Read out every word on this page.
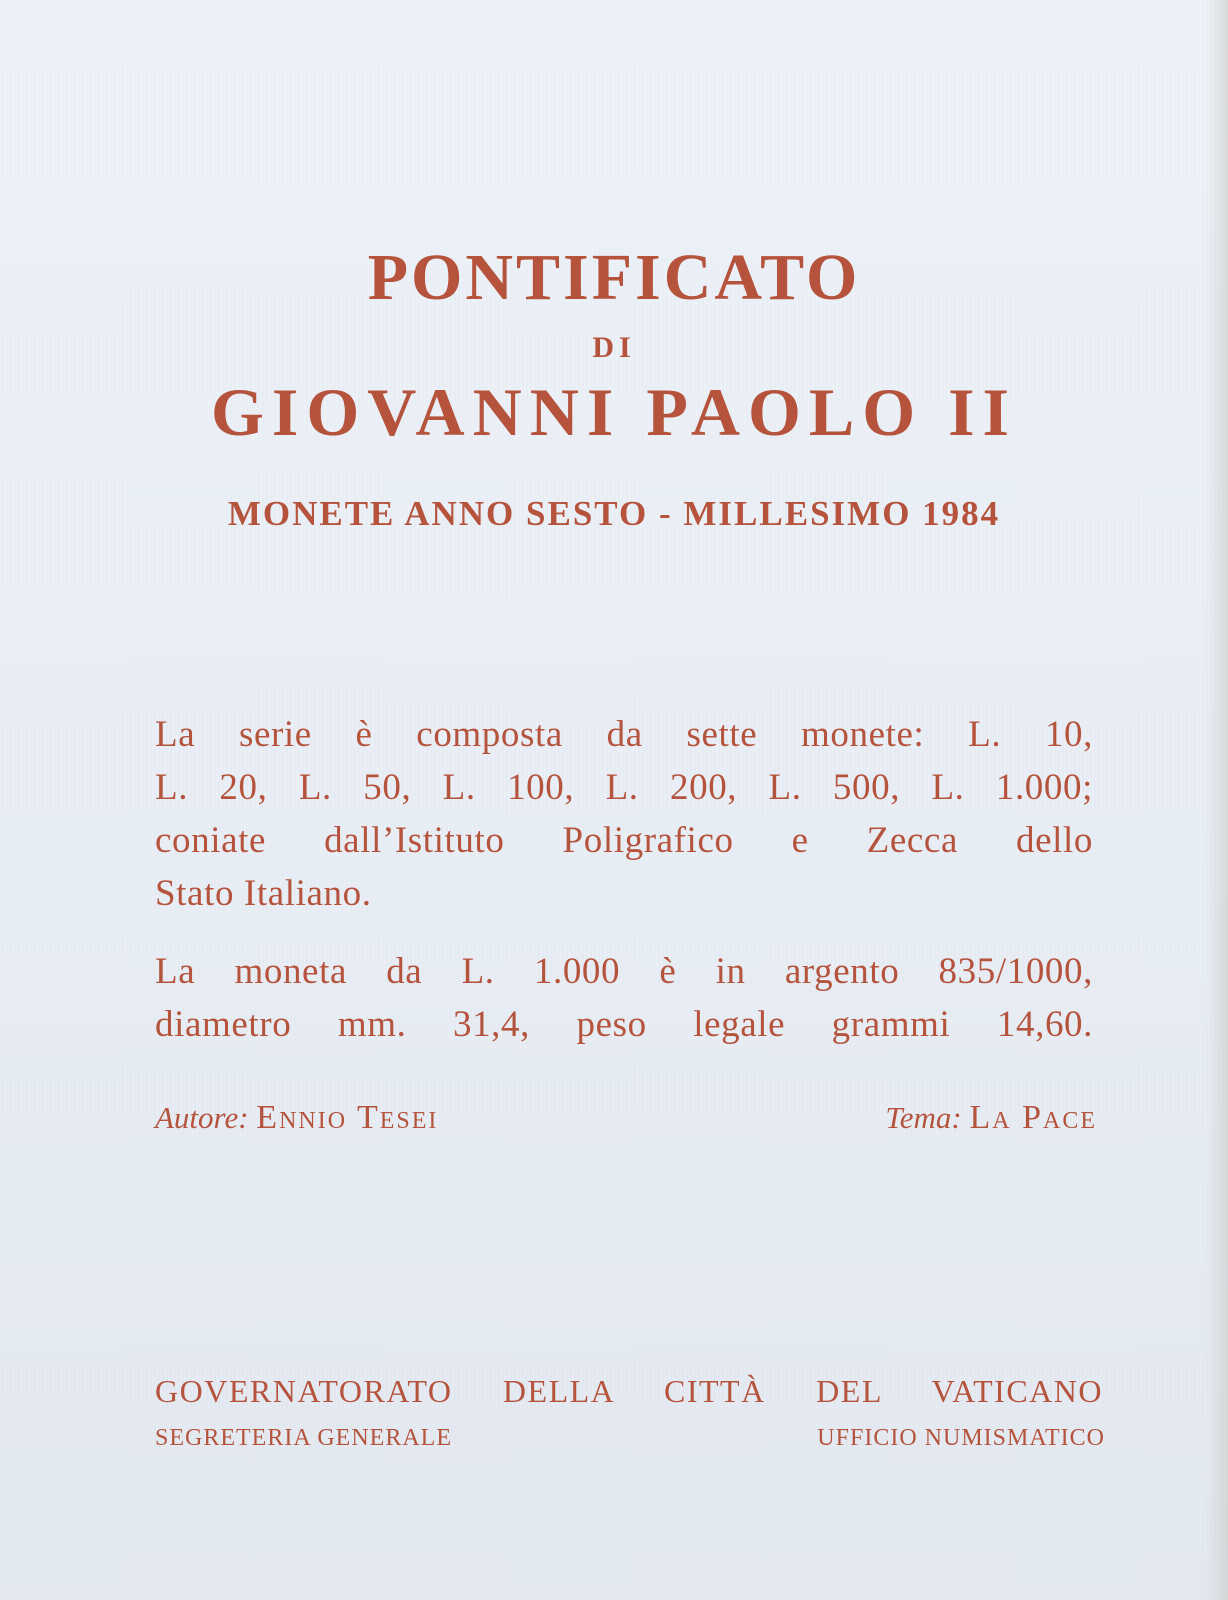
PONTIFICATO
DI
GIOVANNI PAOLO II
MONETE ANNO SESTO - MILLESIMO 1984
La serie è composta da sette monete: L. 10,
L. 20, L. 50, L. 100, L. 200, L. 500, L. 1.000;
coniate dall’Istituto Poligrafico e Zecca dello
Stato Italiano.
La moneta da L. 1.000 è in argento 835/1000,
diametro mm. 31,4, peso legale grammi 14,60.
Autore: Ennio Tesei	Tema: La Pace
GOVERNATORATO DELLA CITTÀ DEL VATICANO
SEGRETERIA GENERALE	UFFICIO NUMISMATICO
